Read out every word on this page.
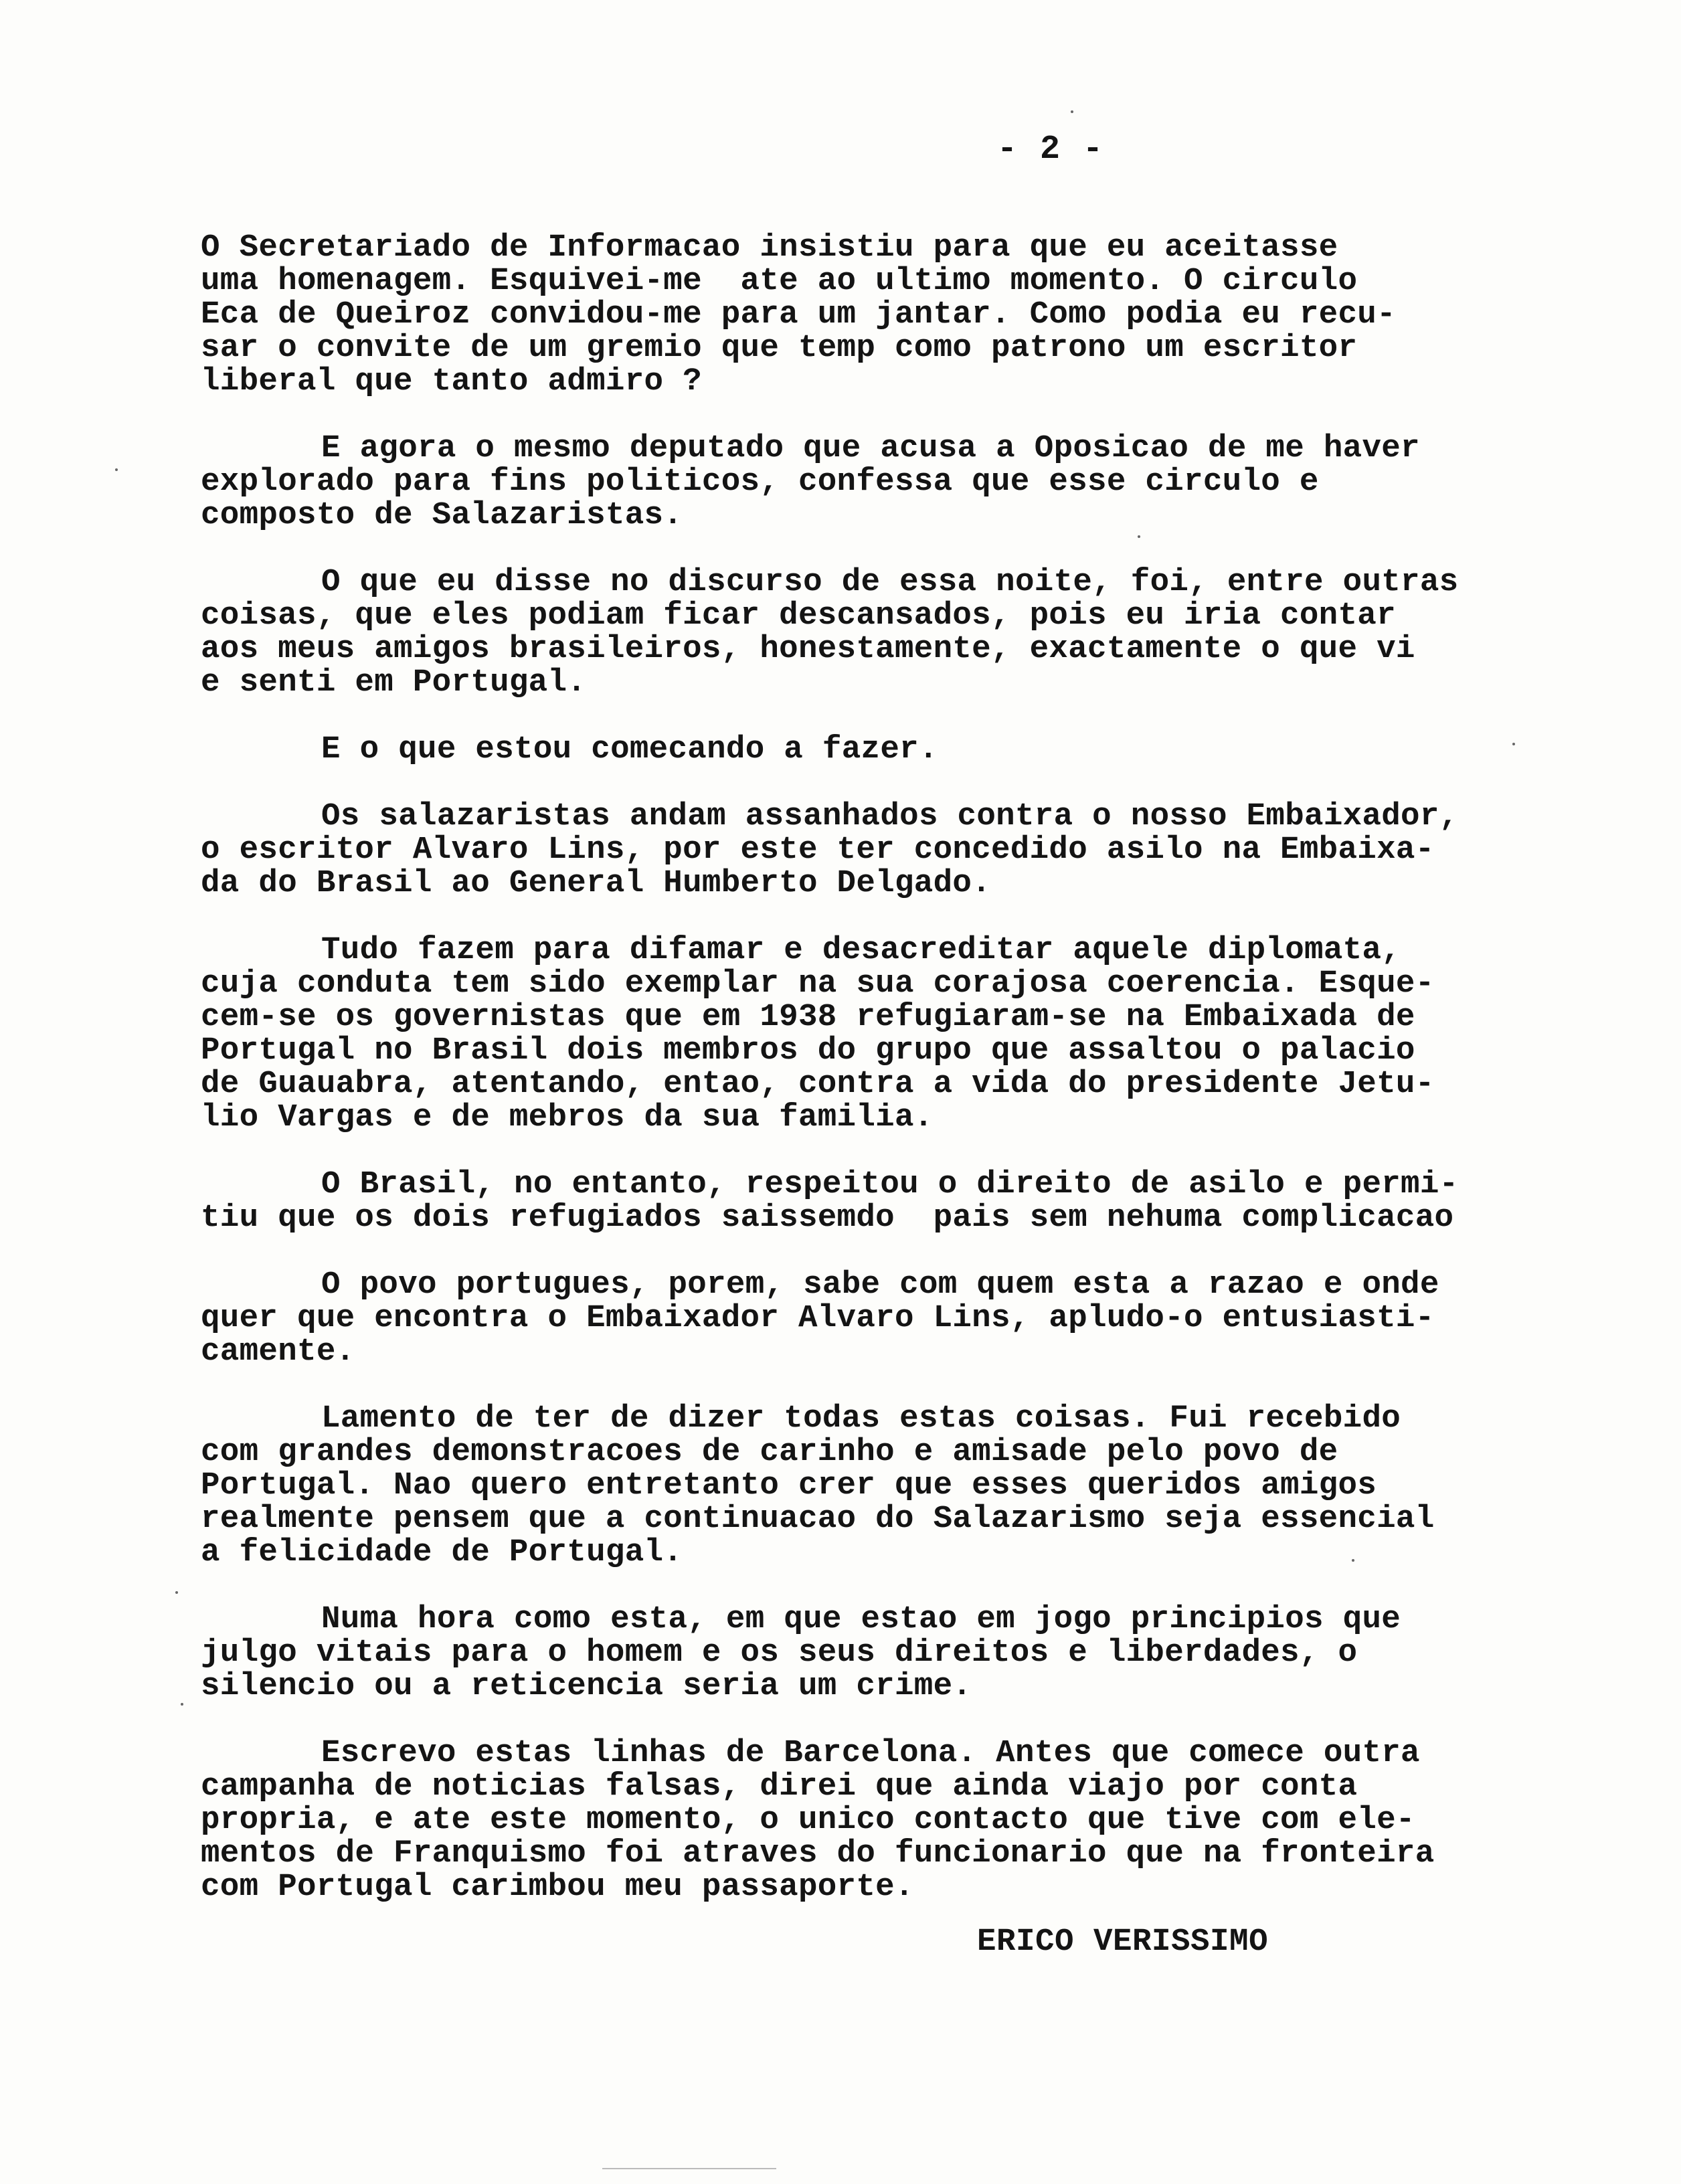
- 2 -

O Secretariado de Informacao insistiu para que eu aceitasse
uma homenagem. Esquivei-me  ate ao ultimo momento. O circulo
Eca de Queiroz convidou-me para um jantar. Como podia eu recu-
sar o convite de um gremio que temp como patrono um escritor
liberal que tanto admiro ?

E agora o mesmo deputado que acusa a Oposicao de me haver
explorado para fins politicos, confessa que esse circulo e
composto de Salazaristas.

O que eu disse no discurso de essa noite, foi, entre outras
coisas, que eles podiam ficar descansados, pois eu iria contar
aos meus amigos brasileiros, honestamente, exactamente o que vi
e senti em Portugal.

E o que estou comecando a fazer.

Os salazaristas andam assanhados contra o nosso Embaixador,
o escritor Alvaro Lins, por este ter concedido asilo na Embaixa-
da do Brasil ao General Humberto Delgado.

Tudo fazem para difamar e desacreditar aquele diplomata,
cuja conduta tem sido exemplar na sua corajosa coerencia. Esque-
cem-se os governistas que em 1938 refugiaram-se na Embaixada de
Portugal no Brasil dois membros do grupo que assaltou o palacio
de Guauabra, atentando, entao, contra a vida do presidente Jetu-
lio Vargas e de mebros da sua familia.

O Brasil, no entanto, respeitou o direito de asilo e permi-
tiu que os dois refugiados saissemdo  pais sem nehuma complicacao

O povo portugues, porem, sabe com quem esta a razao e onde
quer que encontra o Embaixador Alvaro Lins, apludo-o entusiasti-
camente.

Lamento de ter de dizer todas estas coisas. Fui recebido
com grandes demonstracoes de carinho e amisade pelo povo de
Portugal. Nao quero entretanto crer que esses queridos amigos
realmente pensem que a continuacao do Salazarismo seja essencial
a felicidade de Portugal.

Numa hora como esta, em que estao em jogo principios que
julgo vitais para o homem e os seus direitos e liberdades, o
silencio ou a reticencia seria um crime.

Escrevo estas linhas de Barcelona. Antes que comece outra
campanha de noticias falsas, direi que ainda viajo por conta
propria, e ate este momento, o unico contacto que tive com ele-
mentos de Franquismo foi atraves do funcionario que na fronteira
com Portugal carimbou meu passaporte.

ERICO VERISSIMO
